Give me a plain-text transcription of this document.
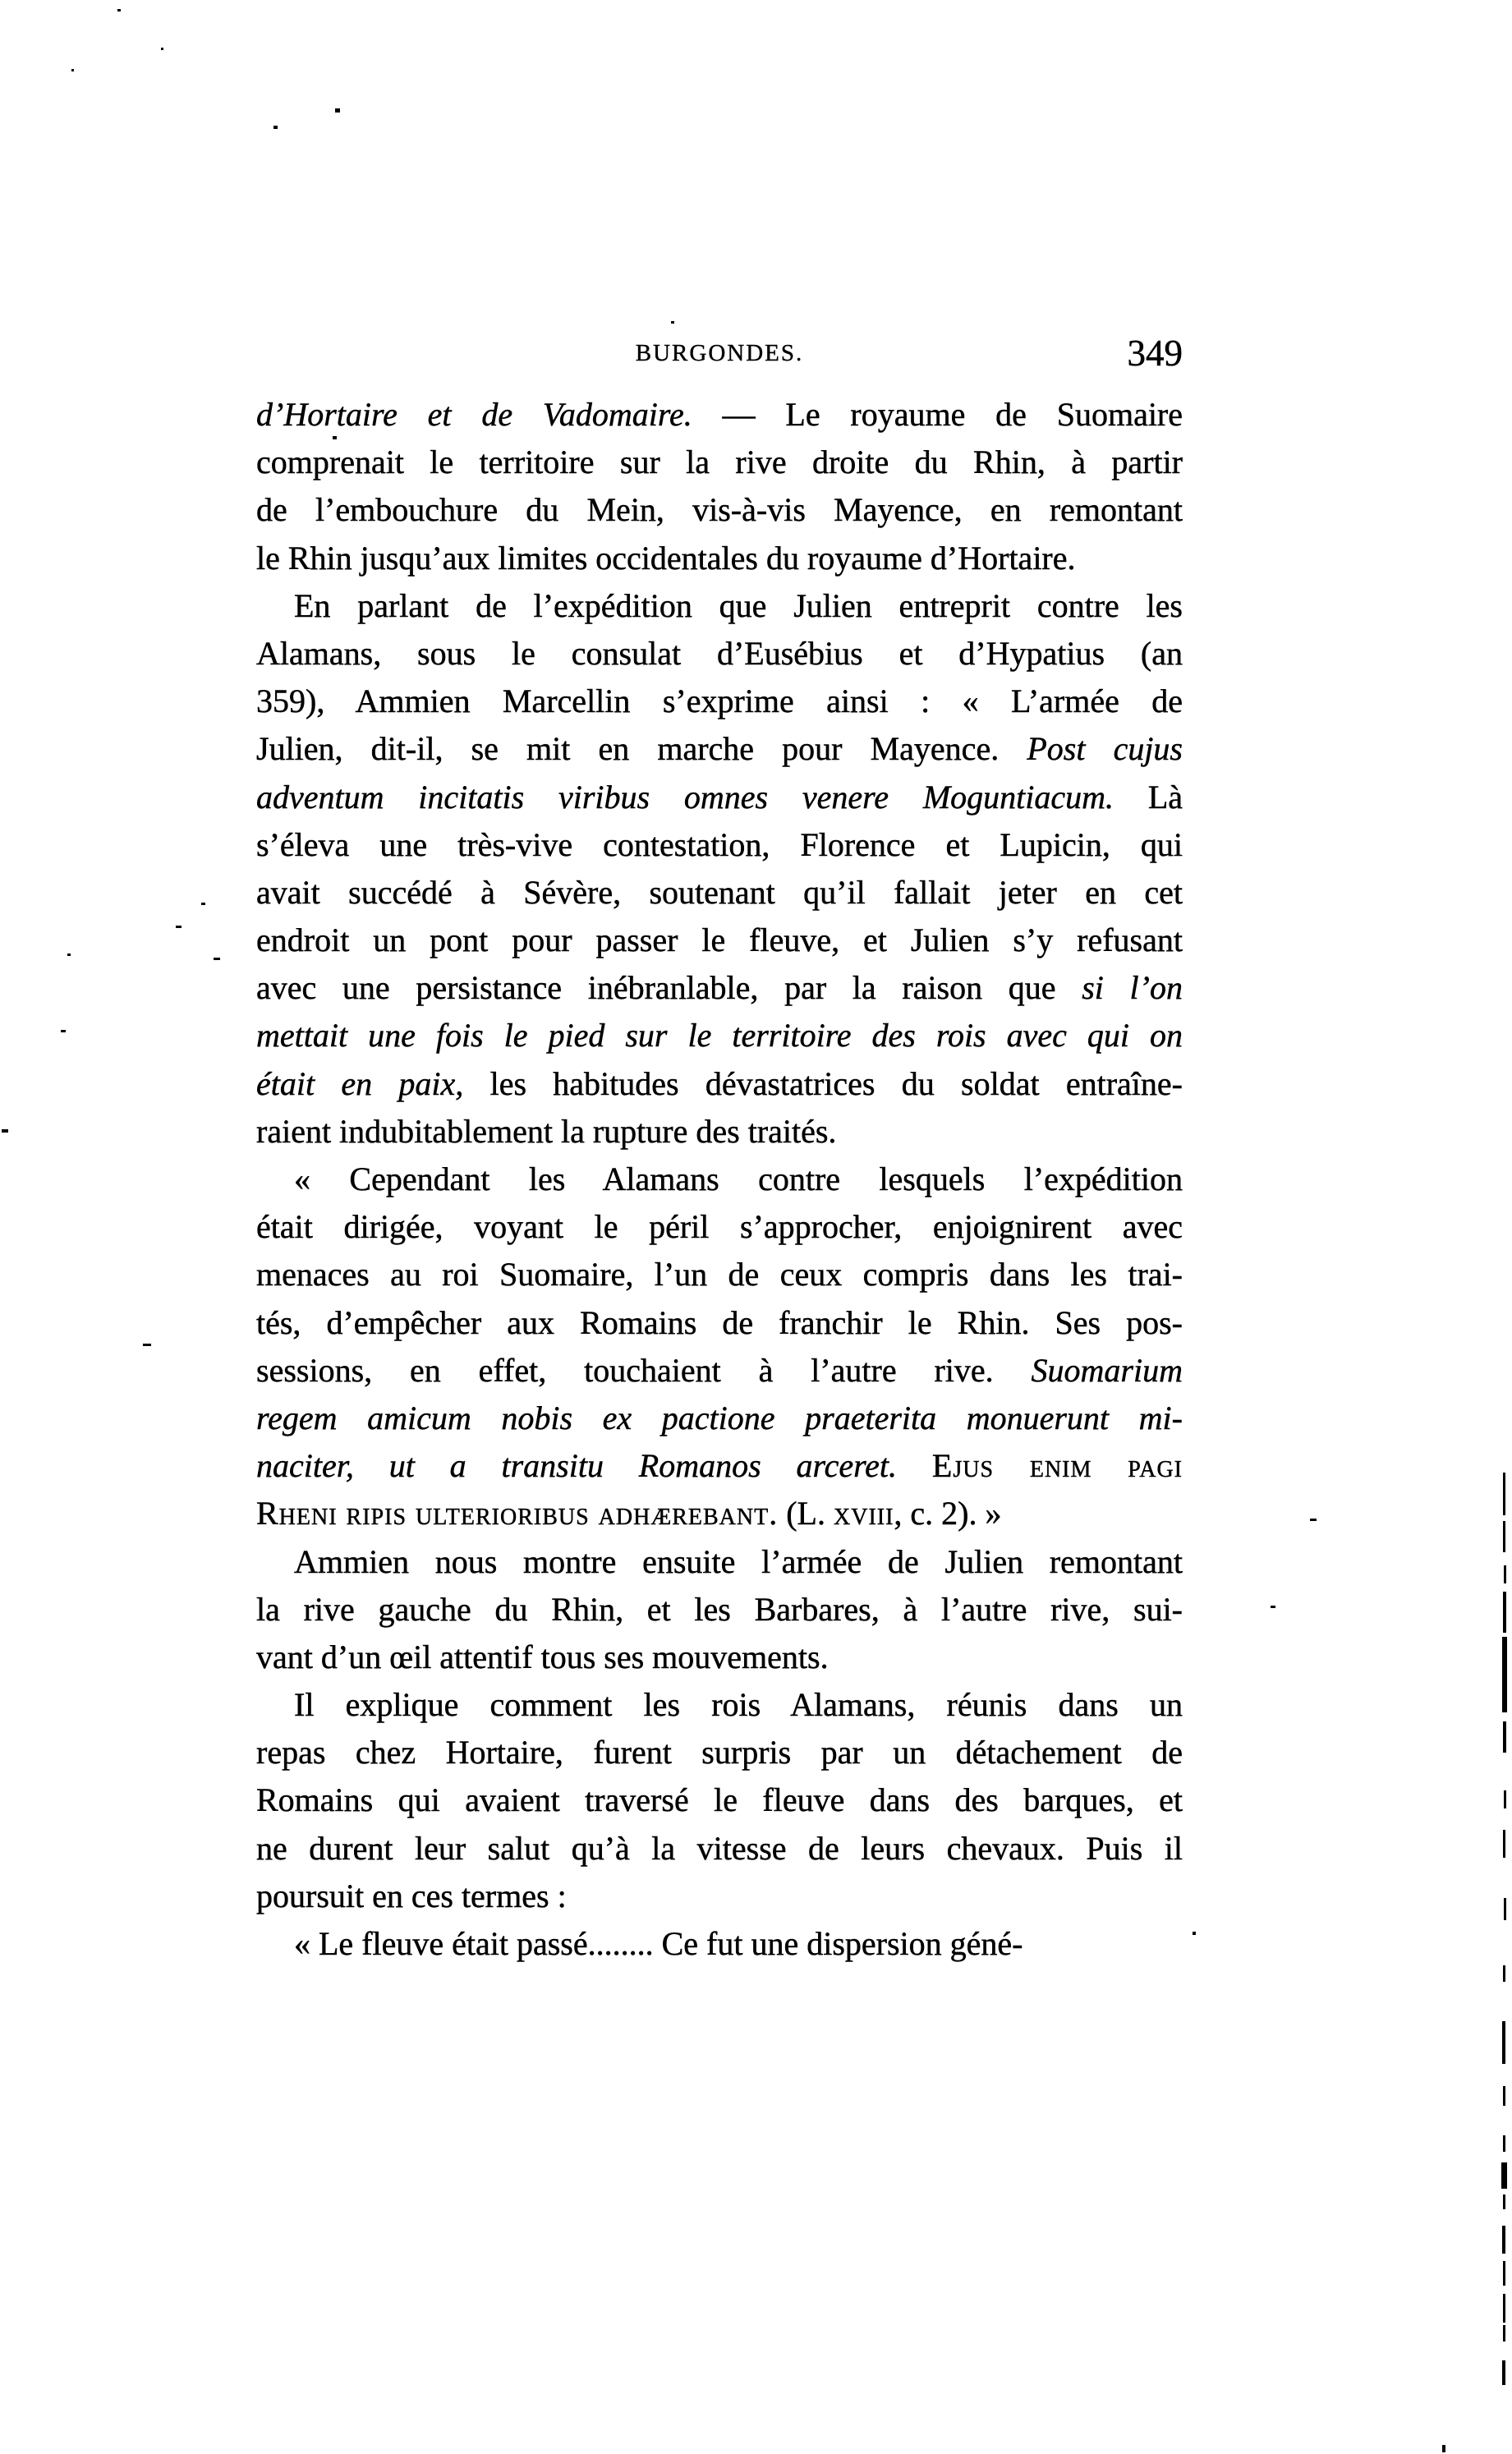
BURGONDES.	349
d’Hortaire et de Vadomaire. — Le royaume de Suomaire
comprenait le territoire sur la rive droite du Rhin, à partir
de l’embouchure du Mein, vis-à-vis Mayence, en remontant
le Rhin jusqu’aux limites occidentales du royaume d’Hortaire.
En parlant de l’expédition que Julien entreprit contre les
Alamans, sous le consulat d’Eusébius et d’Hypatius (an
359), Ammien Marcellin s’exprime ainsi : « L’armée de
Julien, dit-il, se mit en marche pour Mayence. Post cujus
adventum incitatis viribus omnes venere Moguntiacum. Là
s’éleva une très-vive contestation, Florence et Lupicin, qui
avait succédé à Sévère, soutenant qu’il fallait jeter en cet
endroit un pont pour passer le fleuve, et Julien s’y refusant
avec une persistance inébranlable, par la raison que si l’on
mettait une fois le pied sur le territoire des rois avec qui on
était en paix, les habitudes dévastatrices du soldat entraîne-
raient indubitablement la rupture des traités.
« Cependant les Alamans contre lesquels l’expédition
était dirigée, voyant le péril s’approcher, enjoignirent avec
menaces au roi Suomaire, l’un de ceux compris dans les trai-
tés, d’empêcher aux Romains de franchir le Rhin. Ses pos-
sessions, en effet, touchaient à l’autre rive. Suomarium
regem amicum nobis ex pactione praeterita monuerunt mi-
naciter, ut a transitu Romanos arceret. Ejus enim pagi
Rheni ripis ulterioribus adhærebant. (L. xviii, c. 2). »
Ammien nous montre ensuite l’armée de Julien remontant
la rive gauche du Rhin, et les Barbares, à l’autre rive, sui-
vant d’un œil attentif tous ses mouvements.
Il explique comment les rois Alamans, réunis dans un
repas chez Hortaire, furent surpris par un détachement de
Romains qui avaient traversé le fleuve dans des barques, et
ne durent leur salut qu’à la vitesse de leurs chevaux. Puis il
poursuit en ces termes :
« Le fleuve était passé........ Ce fut une dispersion géné-
